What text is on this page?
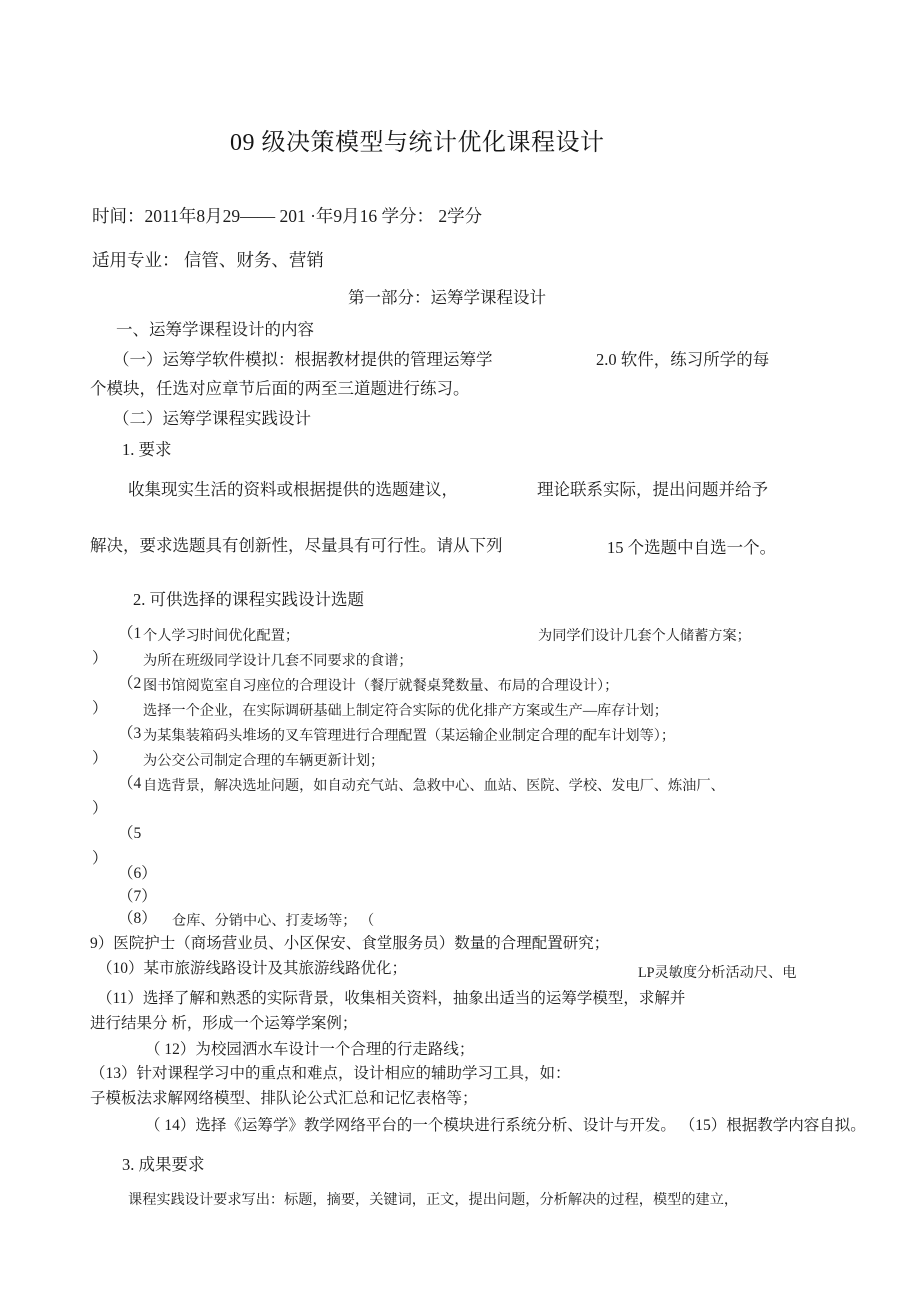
09 级决策模型与统计优化课程设计
时间：2011年8月29—— 201 ·年9月16 学分： 2学分
适用专业： 信管、财务、营销
第一部分：运筹学课程设计
一、运筹学课程设计的内容
（一）运筹学软件模拟：根据教材提供的管理运筹学	2.0 软件，练习所学的每
个模块，任选对应章节后面的两至三道题进行练习。
（二）运筹学课程实践设计
1. 要求
收集现实生活的资料或根据提供的选题建议，	理论联系实际，提出问题并给予
解决，要求选题具有创新性，尽量具有可行性。请从下列	15 个选题中自选一个。
2. 可供选择的课程实践设计选题
（1 个人学习时间优化配置；	为同学们设计几套个人储蓄方案；
） 为所在班级同学设计几套不同要求的食谱；
（2 图书馆阅览室自习座位的合理设计（餐厅就餐桌凳数量、布局的合理设计）；
） 选择一个企业，在实际调研基础上制定符合实际的优化排产方案或生产—库存计划；
（3 为某集装箱码头堆场的叉车管理进行合理配置（某运输企业制定合理的配车计划等）；
） 为公交公司制定合理的车辆更新计划；
（4 自选背景，解决选址问题，如自动充气站、急救中心、血站、医院、学校、发电厂、炼油厂、
）
（5
）
（6）
（7）
（8） 仓库、分销中心、打麦场等； （
9）医院护士（商场营业员、小区保安、食堂服务员）数量的合理配置研究；
（10）某市旅游线路设计及其旅游线路优化；	LP灵敏度分析活动尺、电
（11）选择了解和熟悉的实际背景，收集相关资料，抽象出适当的运筹学模型，求解并
进行结果分 析，形成一个运筹学案例；
（ 12）为校园洒水车设计一个合理的行走路线；
（13）针对课程学习中的重点和难点，设计相应的辅助学习工具，如：
子模板法求解网络模型、排队论公式汇总和记忆表格等；
（ 14）选择《运筹学》教学网络平台的一个模块进行系统分析、设计与开发。 （15）根据教学内容自拟。
3. 成果要求
课程实践设计要求写出：标题，摘要，关键词，正文，提出问题，分析解决的过程，模型的建立，
